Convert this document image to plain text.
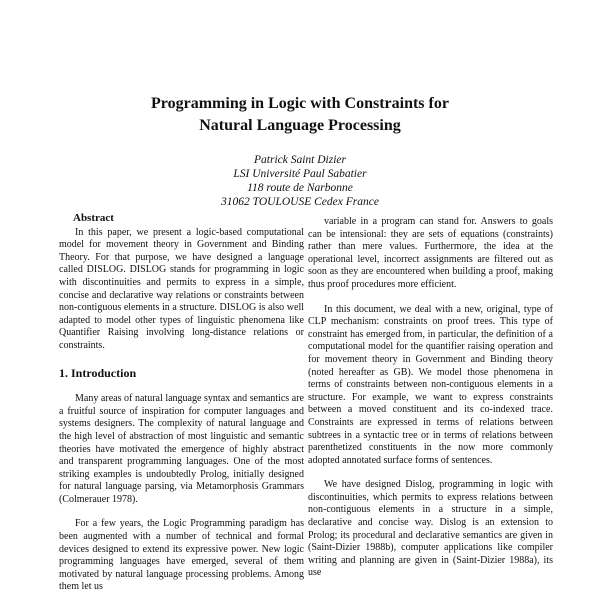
Programming in Logic with Constraints for
Natural Language Processing
Patrick Saint Dizier
LSI Université Paul Sabatier
118 route de Narbonne
31062 TOULOUSE Cedex France
Abstract

In this paper, we present a logic-based computational model for movement theory in Government and Binding Theory. For that purpose, we have designed a language called DISLOG. DISLOG stands for programming in logic with discontinuities and permits to express in a simple, concise and declarative way relations or constraints between non-contiguous elements in a structure. DISLOG is also well adapted to model other types of linguistic phenomena like Quantifier Raising involving long-distance relations or constraints.

1. Introduction

Many areas of natural language syntax and semantics are a fruitful source of inspiration for computer languages and systems designers. The complexity of natural language and the high level of abstraction of most linguistic and semantic theories have motivated the emergence of highly abstract and transparent programming languages. One of the most striking examples is undoubtedly Prolog, initially designed for natural language parsing, via Metamorphosis Grammars (Colmerauer 1978).

For a few years, the Logic Programming paradigm has been augmented with a number of technical and formal devices designed to extend its expressive power. New logic programming languages have emerged, several of them motivated by natural language processing problems. Among them let us

variable in a program can stand for. Answers to goals can be intensional: they are sets of equations (constraints) rather than mere values. Furthermore, the idea at the operational level, incorrect assignments are filtered out as soon as they are encountered when building a proof, making thus proof procedures more efficient.

In this document, we deal with a new, original, type of CLP mechanism: constraints on proof trees. This type of constraint has emerged from, in particular, the definition of a computational model for the quantifier raising operation and for movement theory in Government and Binding theory (noted hereafter as GB). We model those phenomena in terms of constraints between non-contiguous elements in a structure. For example, we want to express constraints between a moved constituent and its co-indexed trace. Constraints are expressed in terms of relations between subtrees in a syntactic tree or in terms of relations between parenthetized constituents in the now more commonly adopted annotated surface forms of sentences.

We have designed Dislog, programming in logic with discontinuities, which permits to express relations between non-contiguous elements in a structure in a simple, declarative and concise way. Dislog is an extension to Prolog; its procedural and declarative semantics are given in (Saint-Dizier 1988b), computer applications like compiler writing and planning are given in (Saint-Dizier 1988a), its use
